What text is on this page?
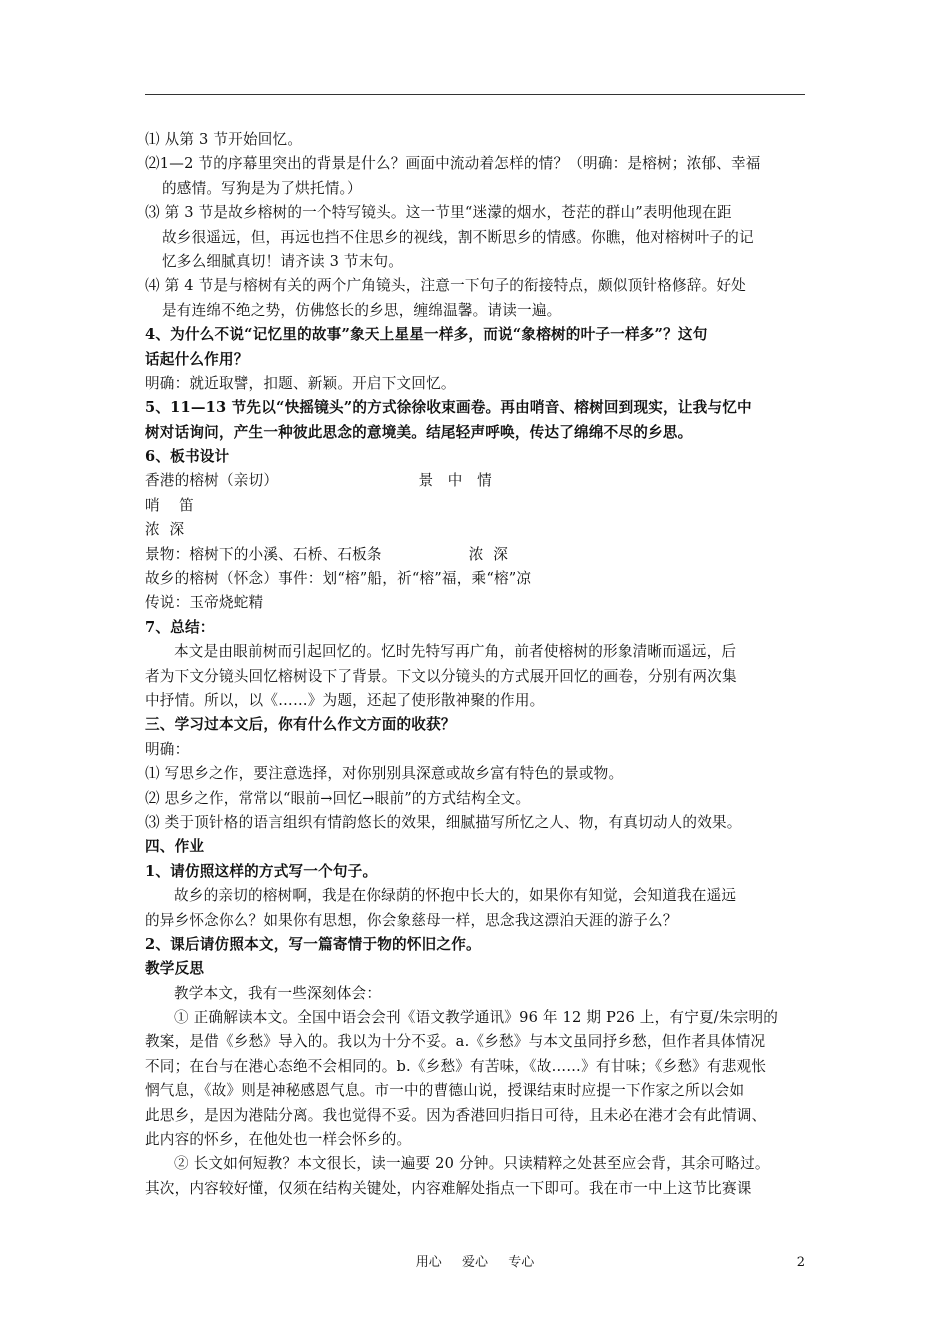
⑴ 从第 3 节开始回忆。
⑵1—2 节的序幕里突出的背景是什么？画面中流动着怎样的情？（明确：是榕树；浓郁、幸福
的感情。写狗是为了烘托情。）
⑶ 第 3 节是故乡榕树的一个特写镜头。这一节里“迷濛的烟水，苍茫的群山”表明他现在距
故乡很遥远，但，再远也挡不住思乡的视线，割不断思乡的情感。你瞧，他对榕树叶子的记
忆多么细腻真切！请齐读 3 节末句。
⑷ 第 4 节是与榕树有关的两个广角镜头，注意一下句子的衔接特点，颇似顶针格修辞。好处
是有连绵不绝之势，仿佛悠长的乡思，缠绵温馨。请读一遍。
4、为什么不说“记忆里的故事”象天上星星一样多，而说“象榕树的叶子一样多”？这句
话起什么作用？
明确：就近取譬，扣题、新颖。开启下文回忆。
5、11—13 节先以“快摇镜头”的方式徐徐收束画卷。再由哨音、榕树回到现实，让我与忆中
树对话询问，产生一种彼此思念的意境美。结尾轻声呼唤，传达了绵绵不尽的乡思。
6、板书设计
香港的榕树（亲切）                             景   中   情
哨    笛
浓  深
景物：榕树下的小溪、石桥、石板条                  浓  深
故乡的榕树（怀念）事件：划“榕”船，祈“榕”福，乘“榕”凉
传说：玉帝烧蛇精
7、总结：
本文是由眼前树而引起回忆的。忆时先特写再广角，前者使榕树的形象清晰而遥远，后
者为下文分镜头回忆榕树设下了背景。下文以分镜头的方式展开回忆的画卷，分别有两次集
中抒情。所以，以《……》为题，还起了使形散神聚的作用。
三、学习过本文后，你有什么作文方面的收获？
明确：
⑴ 写思乡之作，要注意选择，对你别别具深意或故乡富有特色的景或物。
⑵ 思乡之作，常常以“眼前→回忆→眼前”的方式结构全文。
⑶ 类于顶针格的语言组织有情韵悠长的效果，细腻描写所忆之人、物，有真切动人的效果。
四、作业
1、请仿照这样的方式写一个句子。
故乡的亲切的榕树啊，我是在你绿荫的怀抱中长大的，如果你有知觉，会知道我在遥远
的异乡怀念你么？如果你有思想，你会象慈母一样，思念我这漂泊天涯的游子么？
2、课后请仿照本文，写一篇寄情于物的怀旧之作。
教学反思
教学本文，我有一些深刻体会：
① 正确解读本文。全国中语会会刊《语文教学通讯》96 年 12 期 P26 上，有宁夏/朱宗明的
教案，是借《乡愁》导入的。我以为十分不妥。a.《乡愁》与本文虽同抒乡愁，但作者具体情况
不同；在台与在港心态绝不会相同的。b.《乡愁》有苦味，《故……》有甘味；《乡愁》有悲观怅
惘气息，《故》则是神秘感恩气息。市一中的曹德山说，授课结束时应提一下作家之所以会如
此思乡，是因为港陆分离。我也觉得不妥。因为香港回归指日可待，且未必在港才会有此情调、
此内容的怀乡，在他处也一样会怀乡的。
② 长文如何短教？本文很长，读一遍要 20 分钟。只读精粹之处甚至应会背，其余可略过。
其次，内容较好懂，仅须在结构关键处，内容难解处指点一下即可。我在市一中上这节比赛课
用心  爱心  专心	2
